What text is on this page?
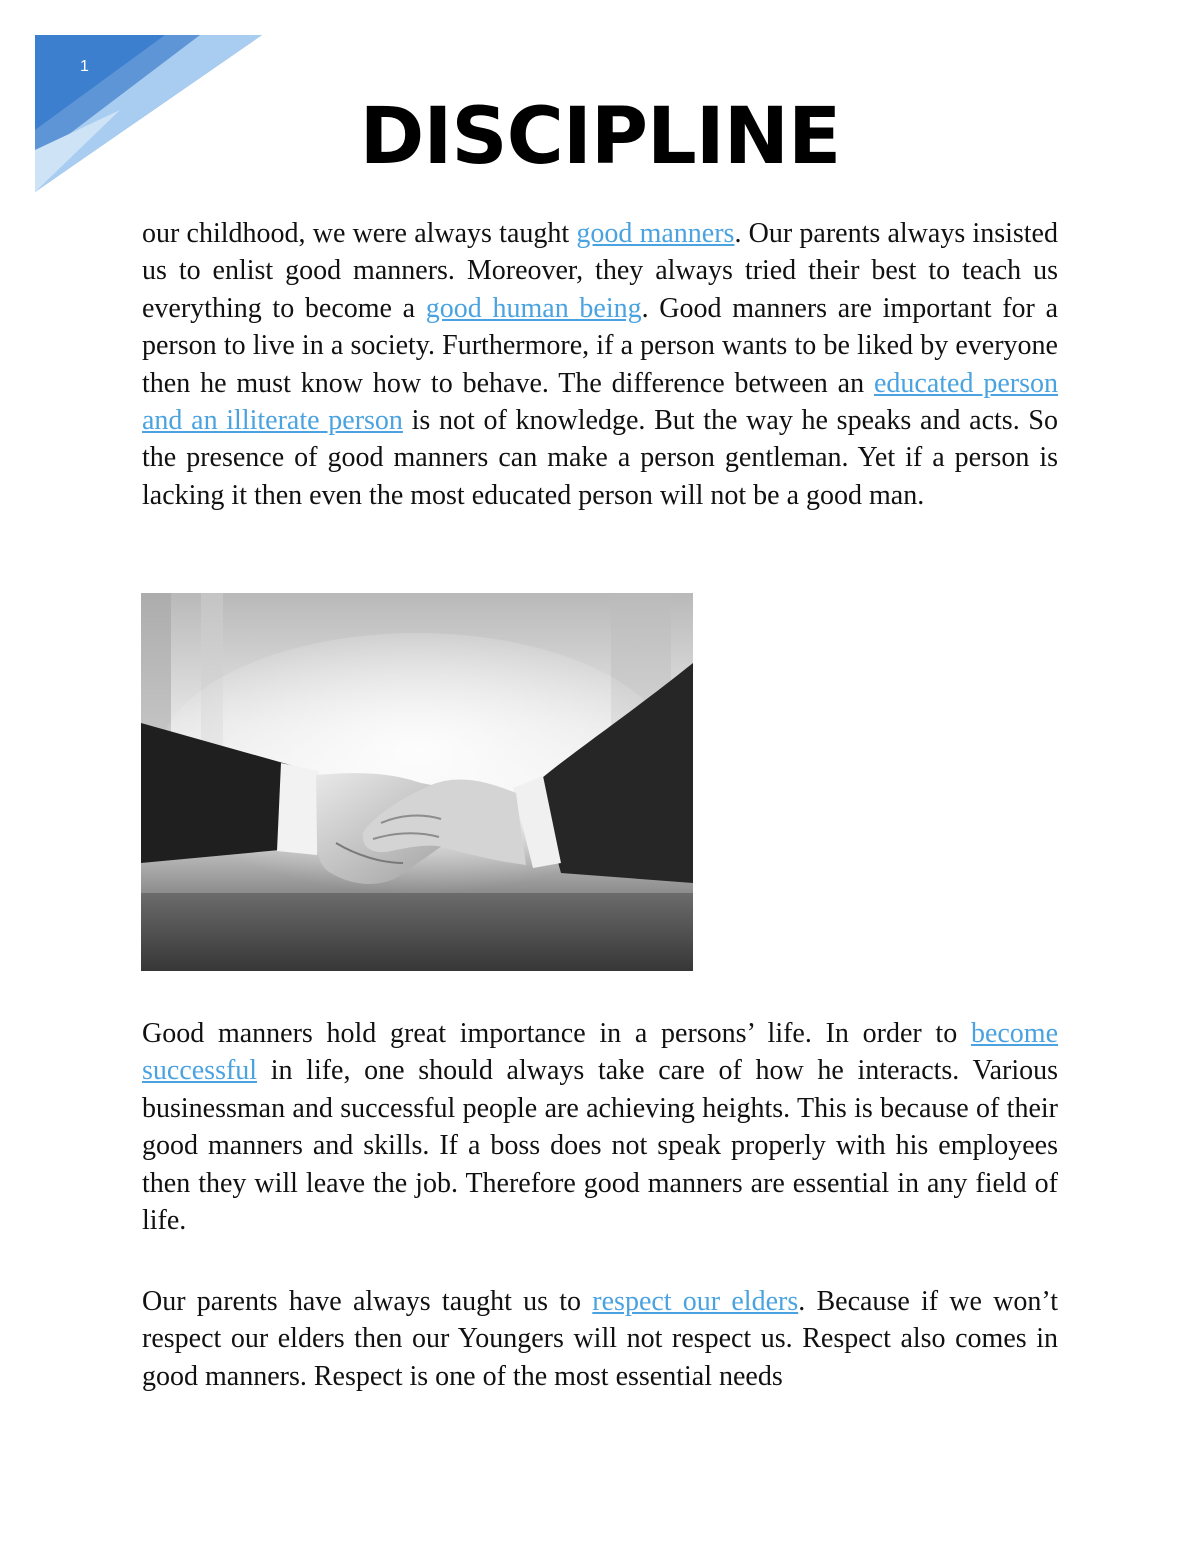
1
DISCIPLINE

our childhood, we were always taught good manners. Our parents always insisted us to enlist good manners. Moreover, they always tried their best to teach us everything to become a good human being. Good manners are important for a person to live in a society. Furthermore, if a person wants to be liked by everyone then he must know how to behave. The difference between an educated person and an illiterate person is not of knowledge. But the way he speaks and acts. So the presence of good manners can make a person gentleman. Yet if a person is lacking it then even the most educated person will not be a good man.

Good manners hold great importance in a persons’ life. In order to become successful in life, one should always take care of how he interacts. Various businessman and successful people are achieving heights. This is because of their good manners and skills. If a boss does not speak properly with his employees then they will leave the job. Therefore good manners are essential in any field of life.

Our parents have always taught us to respect our elders. Because if we won’t respect our elders then our Youngers will not respect us. Respect also comes in good manners. Respect is one of the most essential needs
